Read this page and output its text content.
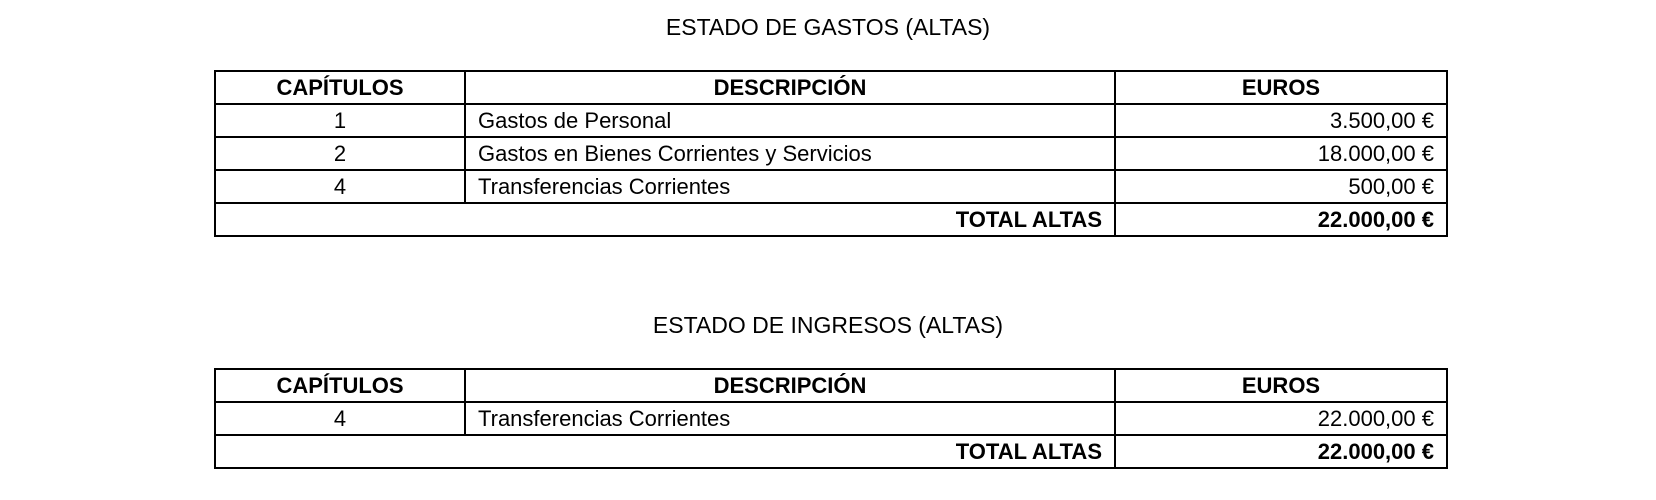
ESTADO DE GASTOS (ALTAS)
CAPÍTULOS	DESCRIPCIÓN	EUROS
1	Gastos de Personal	3.500,00 €
2	Gastos en Bienes Corrientes y Servicios	18.000,00 €
4	Transferencias Corrientes	500,00 €
TOTAL ALTAS		22.000,00 €
ESTADO DE INGRESOS (ALTAS)
CAPÍTULOS	DESCRIPCIÓN	EUROS
4	Transferencias Corrientes	22.000,00 €
TOTAL ALTAS		22.000,00 €
